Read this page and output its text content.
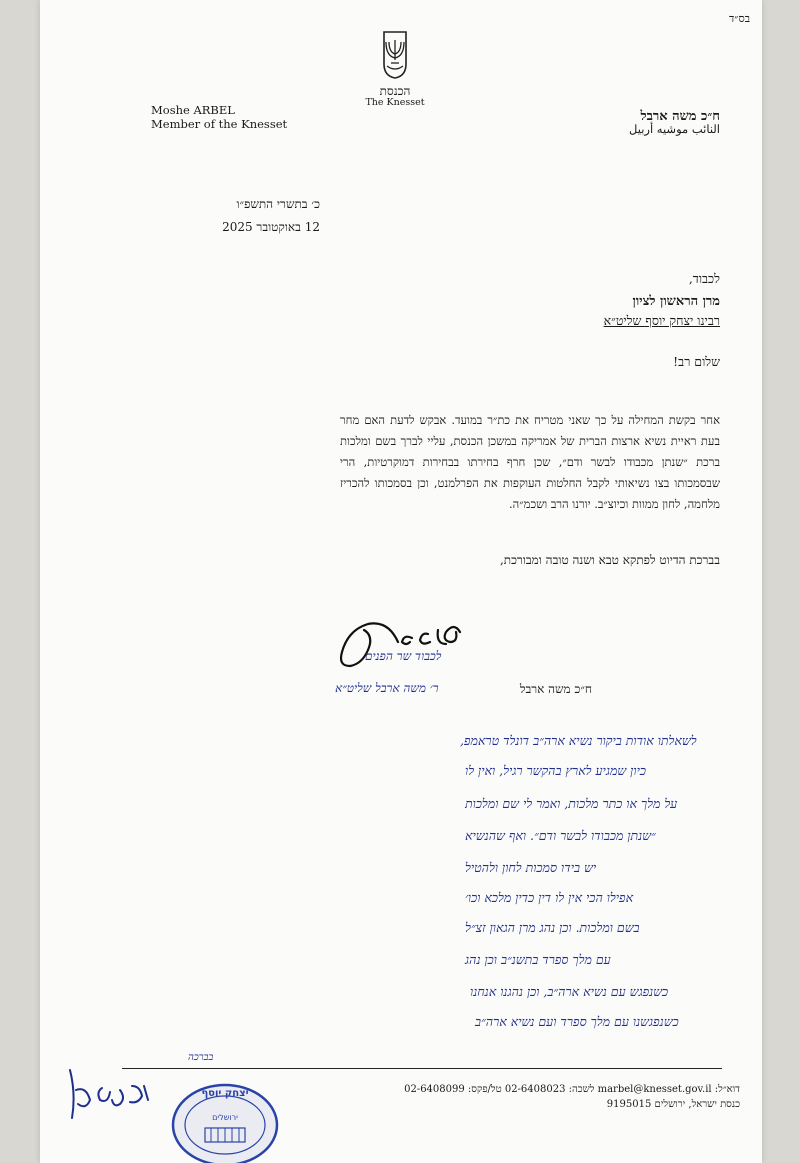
בס״ד
הכנסת
The Knesset
Moshe ARBEL
Member of the Knesset	ח״כ משה ארבל
النائب موشيه أربيل
כ׳ בתשרי התשפ״ו
12 באוקטובר 2025
לכבוד,
מרן הראשון לציון
רבינו יצחק יוסף שליט״א
שלום רב!
אחר בקשת המחילה על כך שאני מטריח את כת״ר במועד. אבקש לדעת האם מחר בעת ראיית נשיא ארצות הברית של אמריקה במשכן הכנסת, עליי לברך בשם ומלכות ברכת ״שנתן מכבודו לבשר ודם״, שכן חרף בחירתו בבחירות דמוקרטיות, הרי שבסמכותו בצו נשיאותי לקבל החלטות העוקפות את הפרלמנט, וכן בסמכותו להכריז מלחמה, לחון ממוות וכיוצ״ב. יורנו הרב ושכמ״ה.
בברכת הדיוט לפתקא טבא ושנה טובה ומבורכת,
ח״כ משה ארבל
לכבוד שר הפנים
ר׳ משה ארבל שליט״א
לשאלתו אודות ביקור נשיא ארה״ב דונלד טראמפ,
כיון שמגיע לארץ בהקשר רגיל, ואין לו
על מלך או כתר מלכות, ואמר לי שם ומלכות
״שנתן מכבודו לבשר ודם״. ואף שהנשיא
יש בידו סמכות לחון ולהטיל
אפילו הכי אין לו דין כדין מלכא וכו׳
בשם ומלכות. וכן נהג מרן הגאון זצ״ל
עם מלך ספרד בתשנ״ב וכן נהג
כשנפגש עם נשיא ארה״ב, וכן נהגנו אנחנו
כשנפגשנו עם מלך ספרד ועם נשיא ארה״ב
בברכה
דוא״ל: marbel@knesset.gov.il לשכה: 02-6408023 טל/פקס: 02-6408099
כנסת ישראל, ירושלים 9195015
יצחק יוסף
ירושלים
